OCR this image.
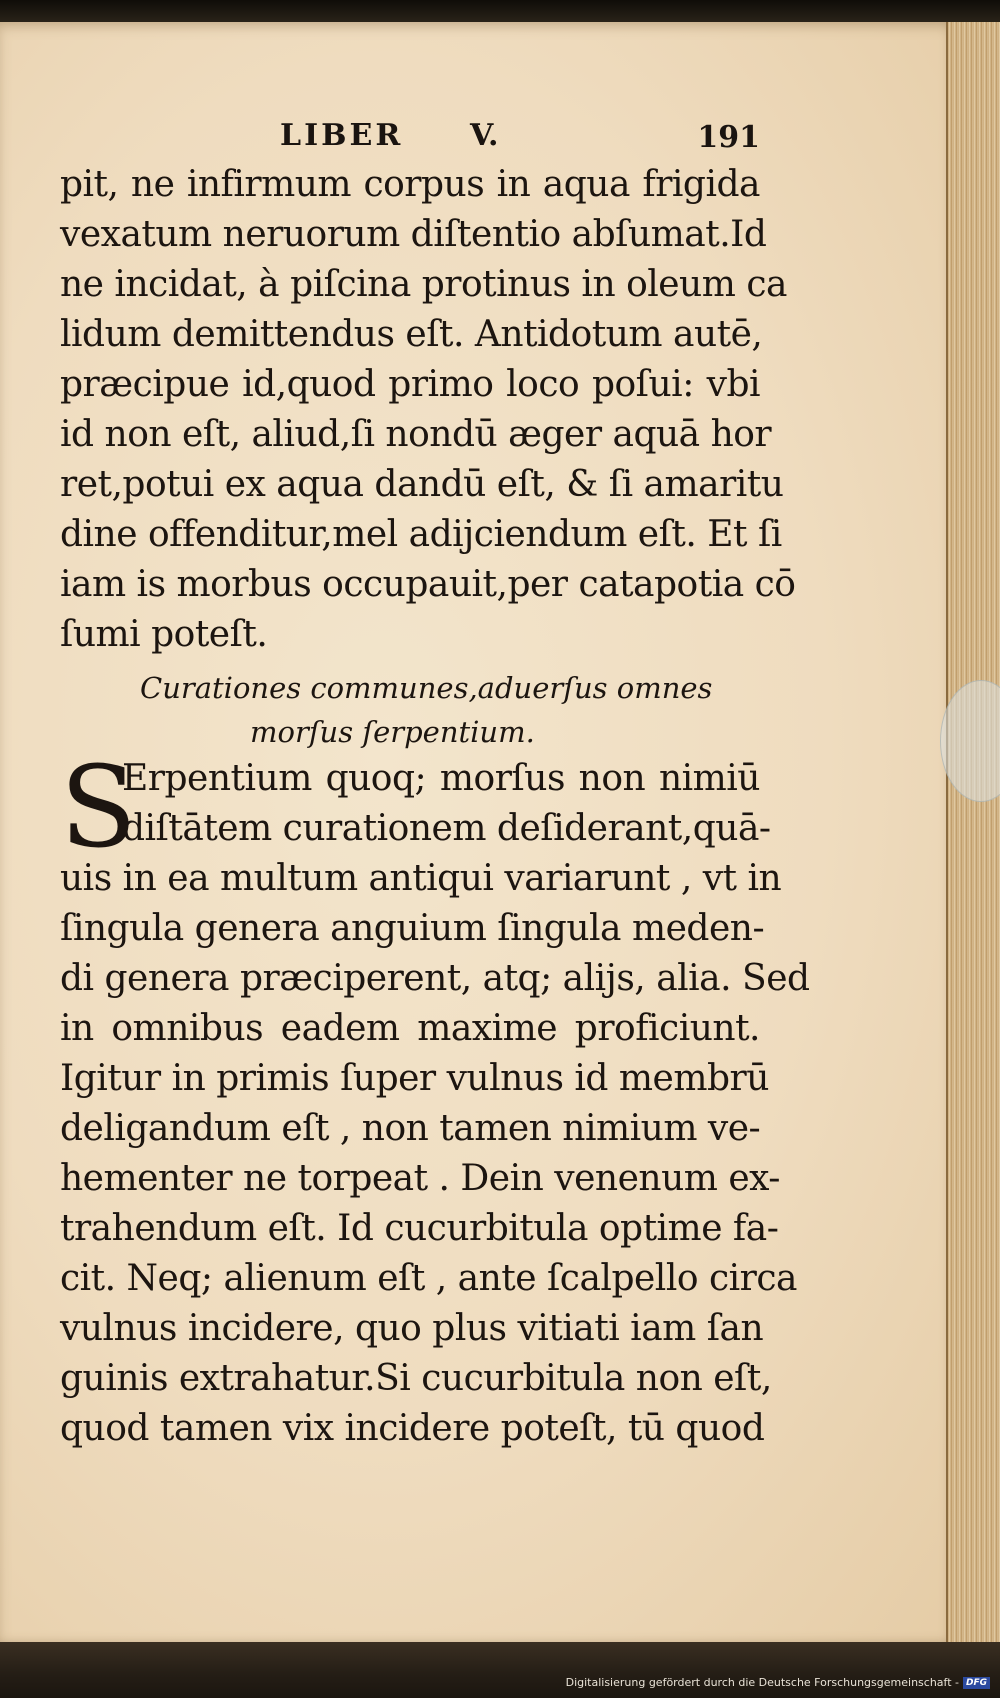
LIBER V.	191
pit, ne infirmum corpus in aqua frigida
vexatum neruorum diſtentio abſumat.Id
ne incidat, à piſcina protinus in oleum ca
lidum demittendus eſt. Antidotum autē,
præcipue id,quod primo loco poſui: vbi
id non eſt, aliud,ſi nondū æger aquā hor
ret,potui ex aqua dandū eſt, & ſi amaritu
dine offenditur,mel adijciendum eſt. Et ſi
iam is morbus occupauit,per catapotia cō
ſumi poteſt.
Curationes communes,aduerſus omnes
morſus ſerpentium.
S
Erpentium quoq; morſus non nimiū
diſtātem curationem deſiderant,quā-
uis in ea multum antiqui variarunt , vt in
ſingula genera anguium ſingula meden-
di genera præciperent, atq; alijs, alia. Sed
in omnibus eadem maxime proficiunt.
Igitur in primis ſuper vulnus id membrū
deligandum eſt , non tamen nimium ve-
hementer ne torpeat . Dein venenum ex-
trahendum eſt. Id cucurbitula optime fa-
cit. Neq; alienum eſt , ante ſcalpello circa
vulnus incidere, quo plus vitiati iam ſan
guinis extrahatur.Si cucurbitula non eſt,
quod tamen vix incidere poteſt, tū quod
Digitalisierung gefördert durch die Deutsche Forschungsgemeinschaft - DFG
